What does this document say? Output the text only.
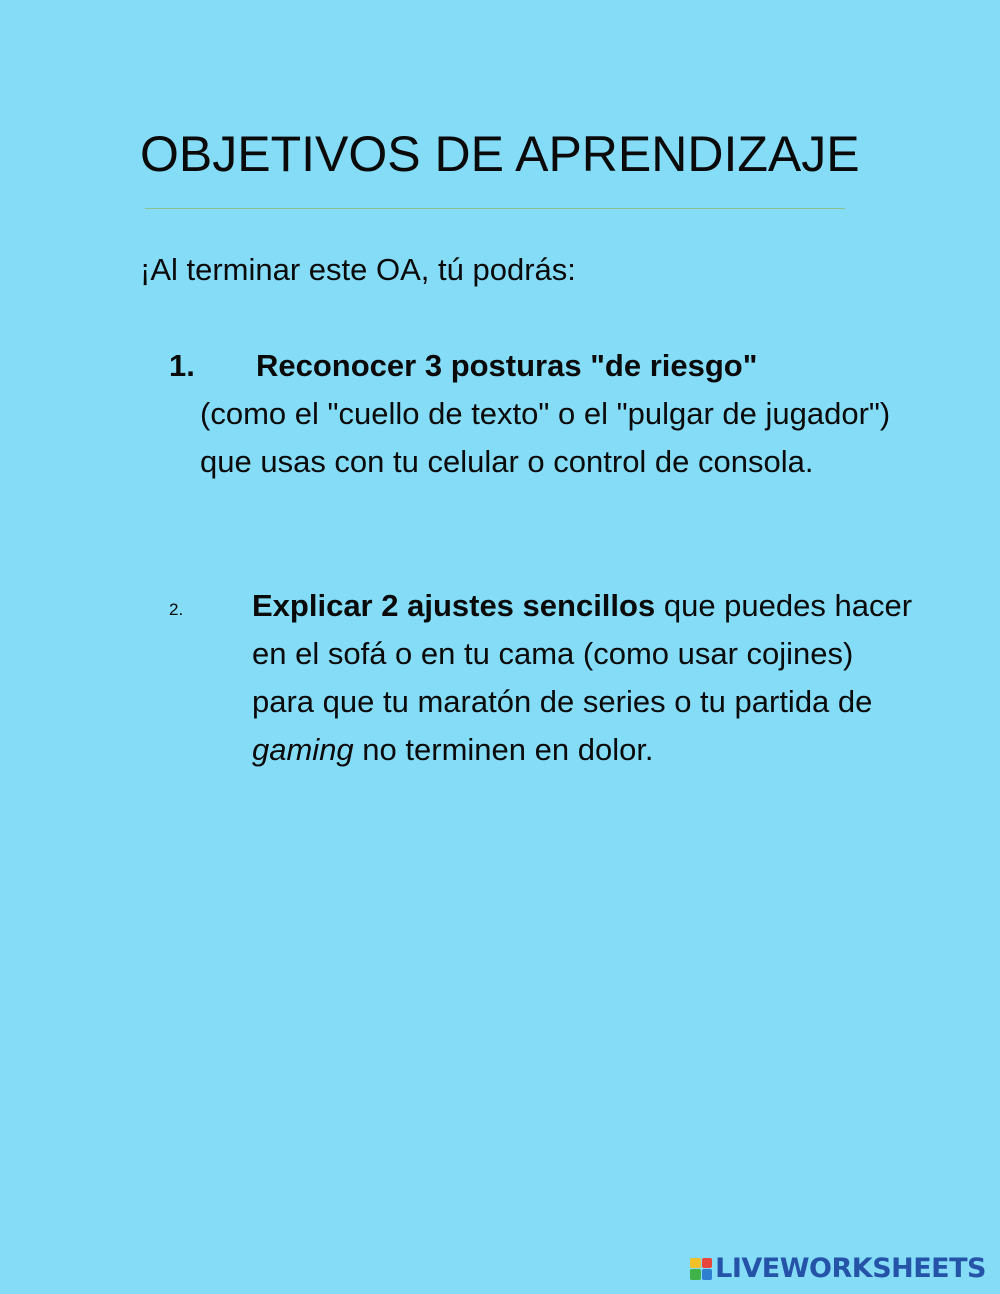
OBJETIVOS DE APRENDIZAJE
¡Al terminar este OA, tú podrás:
1.	Reconocer 3 posturas "de riesgo"
(como el "cuello de texto" o el "pulgar de jugador") que usas con tu celular o control de consola.
2.	Explicar 2 ajustes sencillos que puedes hacer en el sofá o en tu cama (como usar cojines) para que tu maratón de series o tu partida de gaming no terminen en dolor.
LIVEWORKSHEETS
